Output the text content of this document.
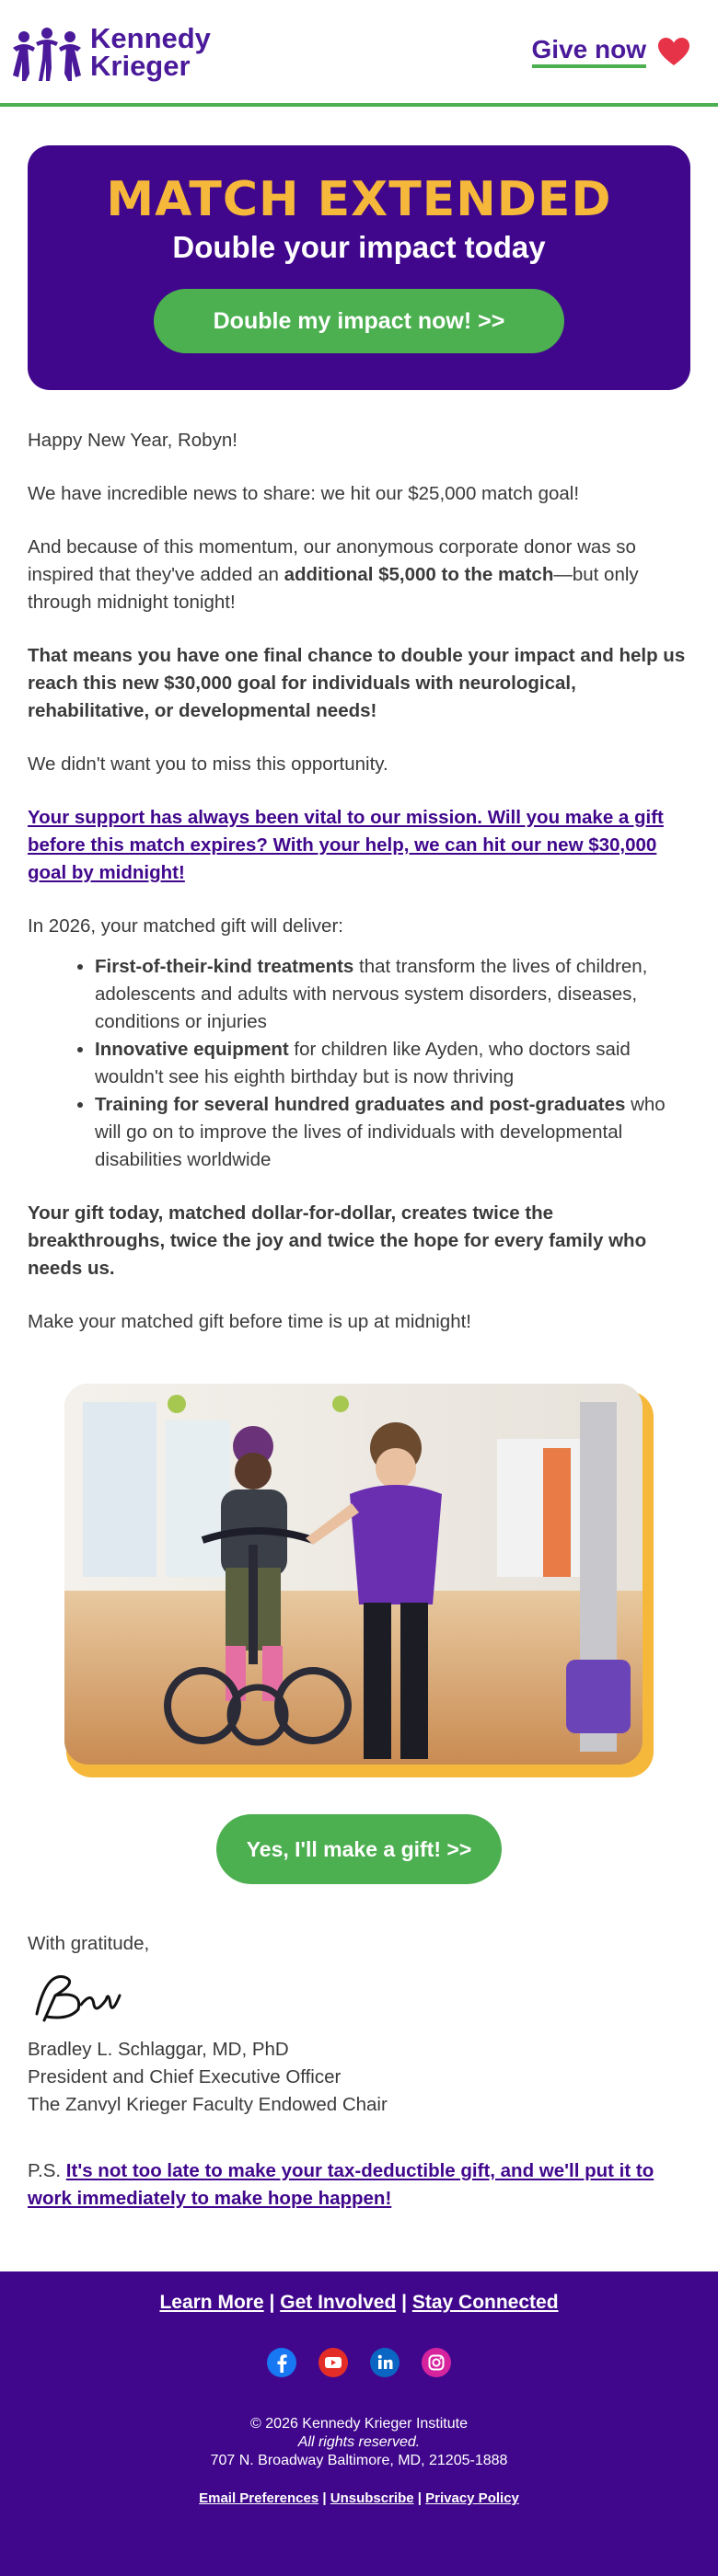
Kennedy
Krieger
Give now
MATCH EXTENDED
Double your impact today
Double my impact now! >>

Happy New Year, Robyn!

We have incredible news to share: we hit our $25,000 match goal!

And because of this momentum, our anonymous corporate donor was so inspired that they've added an additional $5,000 to the match—but only through midnight tonight!

That means you have one final chance to double your impact and help us reach this new $30,000 goal for individuals with neurological, rehabilitative, or developmental needs!

We didn't want you to miss this opportunity.

Your support has always been vital to our mission. Will you make a gift before this match expires? With your help, we can hit our new $30,000 goal by midnight!

In 2026, your matched gift will deliver:

• First-of-their-kind treatments that transform the lives of children, adolescents and adults with nervous system disorders, diseases, conditions or injuries
• Innovative equipment for children like Ayden, who doctors said wouldn't see his eighth birthday but is now thriving
• Training for several hundred graduates and post-graduates who will go on to improve the lives of individuals with developmental disabilities worldwide

Your gift today, matched dollar-for-dollar, creates twice the breakthroughs, twice the joy and twice the hope for every family who needs us.

Make your matched gift before time is up at midnight!

Yes, I'll make a gift! >>
With gratitude,
Bradley L. Schlaggar, MD, PhD
President and Chief Executive Officer
The Zanvyl Krieger Faculty Endowed Chair
P.S. It's not too late to make your tax-deductible gift, and we'll put it to work immediately to make hope happen!
Learn More | Get Involved | Stay Connected
© 2026 Kennedy Krieger Institute
All rights reserved.
707 N. Broadway Baltimore, MD, 21205-1888
Email Preferences | Unsubscribe | Privacy Policy
